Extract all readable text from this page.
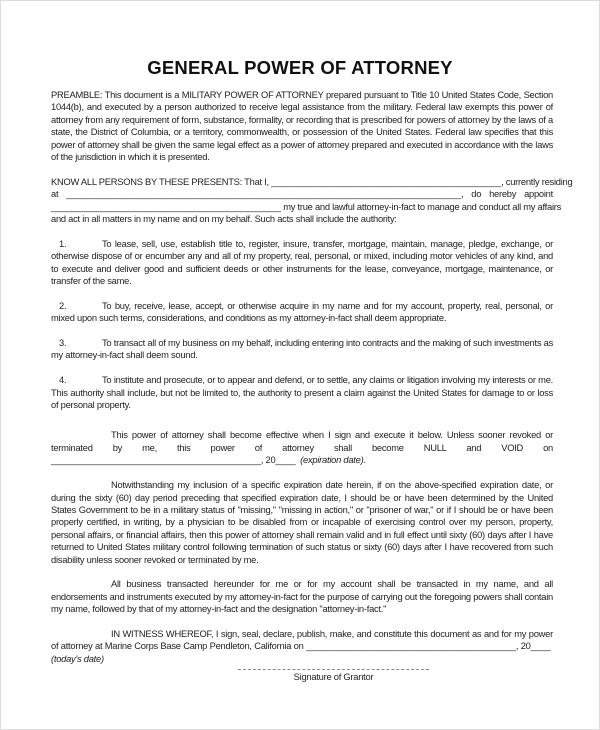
GENERAL POWER OF ATTORNEY

PREAMBLE: This document is a MILITARY POWER OF ATTORNEY prepared pursuant to Title 10 United States Code, Section 1044(b), and executed by a person authorized to receive legal assistance from the military. Federal law exempts this power of attorney from any requirement of form, substance, formality, or recording that is prescribed for powers of attorney by the laws of a state, the District of Columbia, or a territory, commonwealth, or possession of the United States. Federal law specifies that this power of attorney shall be given the same legal effect as a power of attorney prepared and executed in accordance with the laws of the jurisdiction in which it is presented.

KNOW ALL PERSONS BY THESE PRESENTS: That I, ______________________________________________, currently residing
at _______________________________________________________________________________, do hereby appoint
______________________________________________ my true and lawful attorney-in-fact to manage and conduct all my affairs
and act in all matters in my name and on my behalf. Such acts shall include the authority:

1.	To lease, sell, use, establish title to, register, insure, transfer, mortgage, maintain, manage, pledge, exchange, or otherwise dispose of or encumber any and all of my property, real, personal, or mixed, including motor vehicles of any kind, and to execute and deliver good and sufficient deeds or other instruments for the lease, conveyance, mortgage, maintenance, or transfer of the same.

2.	To buy, receive, lease, accept, or otherwise acquire in my name and for my account, property, real, personal, or mixed upon such terms, considerations, and conditions as my attorney-in-fact shall deem appropriate.

3.	To transact all of my business on my behalf, including entering into contracts and the making of such investments as my attorney-in-fact shall deem sound.

4.	To institute and prosecute, or to appear and defend, or to settle, any claims or litigation involving my interests or me. This authority shall include, but not be limited to, the authority to present a claim against the United States for damage to or loss of personal property.

This power of attorney shall become effective when I sign and execute it below. Unless sooner revoked or terminated by me, this power of attorney shall become NULL and VOID on __________________________________________, 20____ (expiration date).

Notwithstanding my inclusion of a specific expiration date herein, if on the above-specified expiration date, or during the sixty (60) day period preceding that specified expiration date, I should be or have been determined by the United States Government to be in a military status of "missing," "missing in action," or "prisoner of war," or if I should be or have been properly certified, in writing, by a physician to be disabled from or incapable of exercising control over my person, property, personal affairs, or financial affairs, then this power of attorney shall remain valid and in full effect until sixty (60) days after I have returned to United States military control following termination of such status or sixty (60) days after I have recovered from such disability unless sooner revoked or terminated by me.

All business transacted hereunder for me or for my account shall be transacted in my name, and all endorsements and instruments executed by my attorney-in-fact for the purpose of carrying out the foregoing powers shall contain my name, followed by that of my attorney-in-fact and the designation "attorney-in-fact."

IN WITNESS WHEREOF, I sign, seal, declare, publish, make, and constitute this document as and for my power of attorney at Marine Corps Base Camp Pendleton, California on __________________________________________, 20____  (today's date)

Signature of Grantor
